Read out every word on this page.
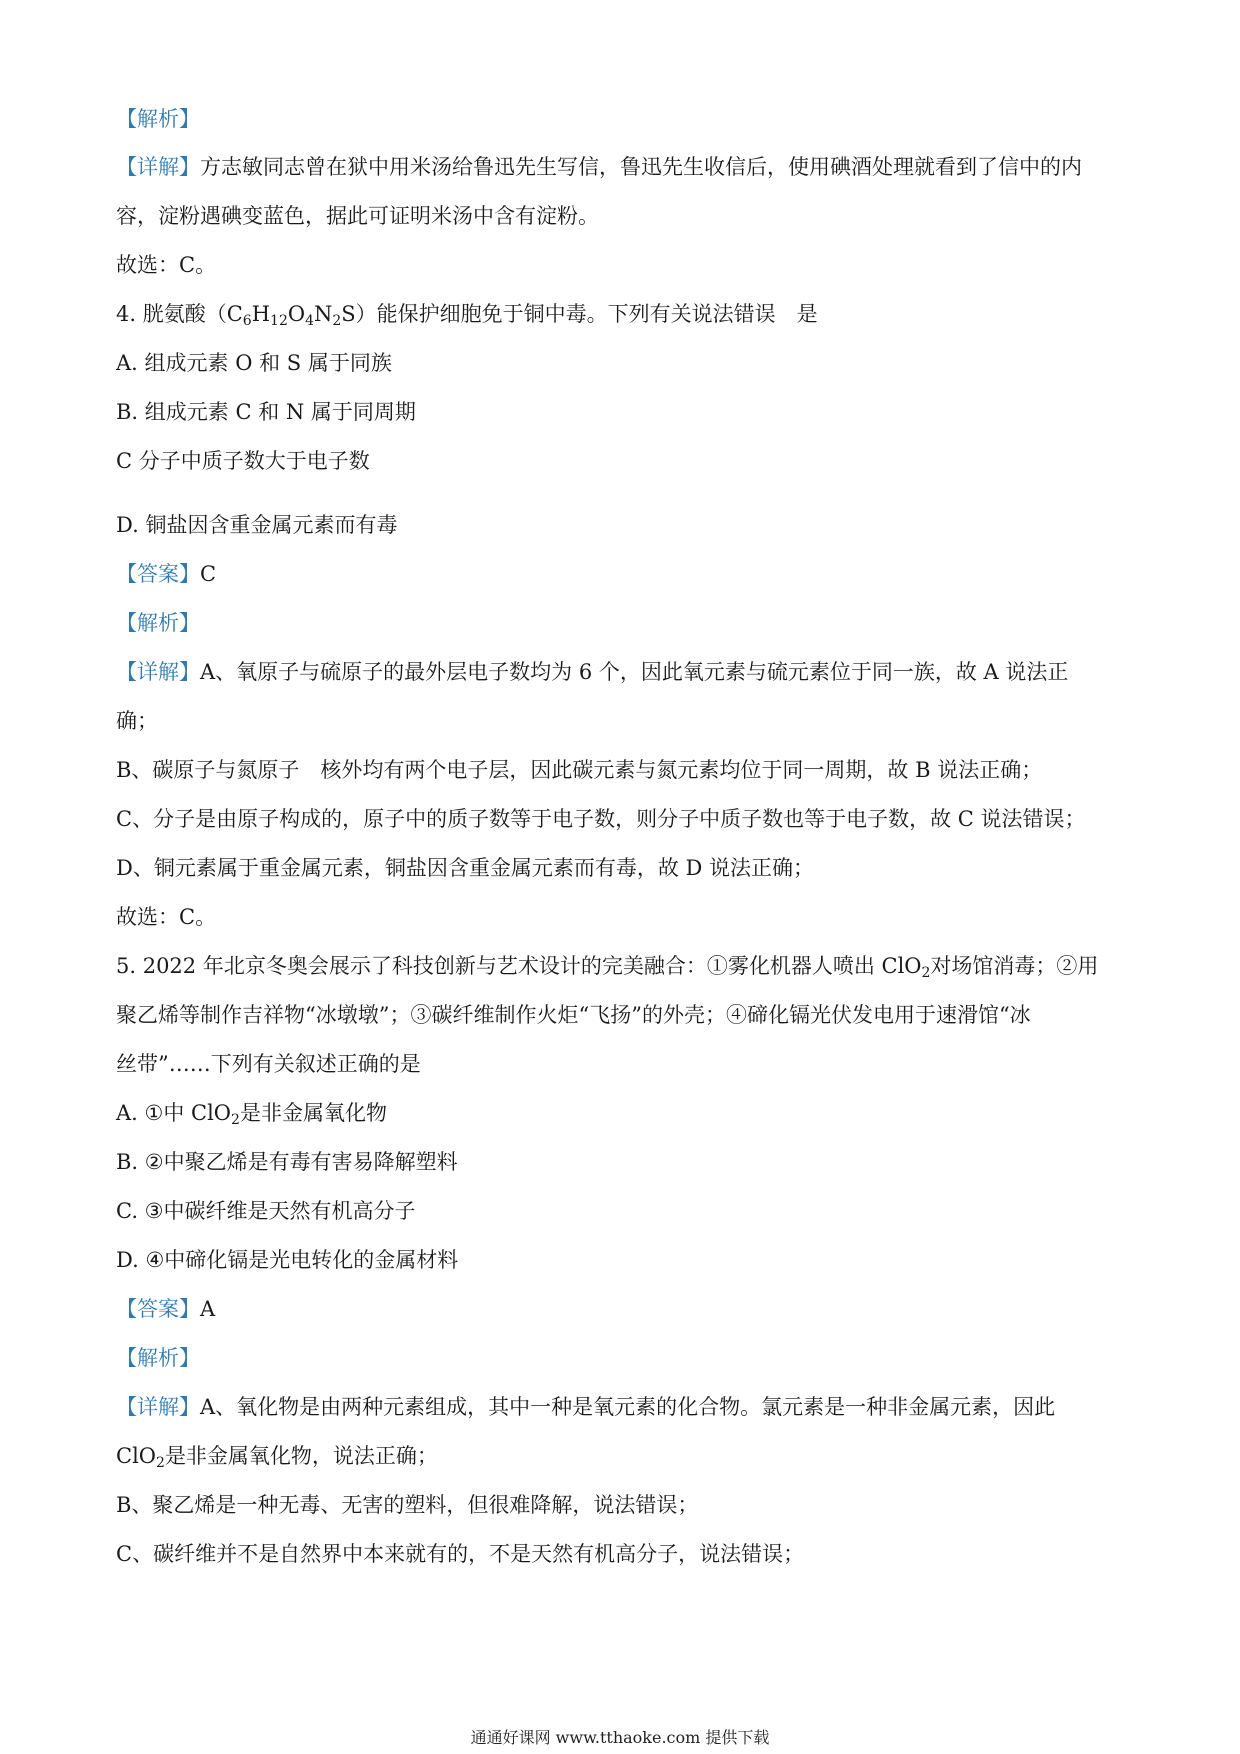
【解析】
【详解】方志敏同志曾在狱中用米汤给鲁迅先生写信，鲁迅先生收信后，使用碘酒处理就看到了信中的内
容，淀粉遇碘变蓝色，据此可证明米汤中含有淀粉。
故选：C。
4. 胱氨酸$(C_6H_{12}O_4N_2S)$能保护细胞免于铜中毒。下列有关说法错误　是
A. 组成元素 O 和 S 属于同族
B. 组成元素 C 和 N 属于同周期
C 分子中质子数大于电子数
D. 铜盐因含重金属元素而有毒
【答案】C
【解析】
【详解】A、氧原子与硫原子的最外层电子数均为 6 个，因此氧元素与硫元素位于同一族，故 A 说法正
确；
B、碳原子与氮原子　核外均有两个电子层，因此碳元素与氮元素均位于同一周期，故 B 说法正确；
C、分子是由原子构成的，原子中的质子数等于电子数，则分子中质子数也等于电子数，故 C 说法错误；
D、铜元素属于重金属元素，铜盐因含重金属元素而有毒，故 D 说法正确；
故选：C。
5. 2022 年北京冬奥会展示了科技创新与艺术设计的完美融合：①雾化机器人喷出 ClO$_2$对场馆消毒；②用
聚乙烯等制作吉祥物“冰墩墩”；③碳纤维制作火炬“飞扬”的外壳；④碲化镉光伏发电用于速滑馆“冰
丝带”……下列有关叙述正确的是
A. ①中 ClO$_2$是非金属氧化物
B. ②中聚乙烯是有毒有害易降解塑料
C. ③中碳纤维是天然有机高分子
D. ④中碲化镉是光电转化的金属材料
【答案】A
【解析】
【详解】A、氧化物是由两种元素组成，其中一种是氧元素的化合物。氯元素是一种非金属元素，因此
ClO$_2$是非金属氧化物，说法正确；
B、聚乙烯是一种无毒、无害的塑料，但很难降解，说法错误；
C、碳纤维并不是自然界中本来就有的，不是天然有机高分子，说法错误；
通通好课网 www.tthaoke.com 提供下载
